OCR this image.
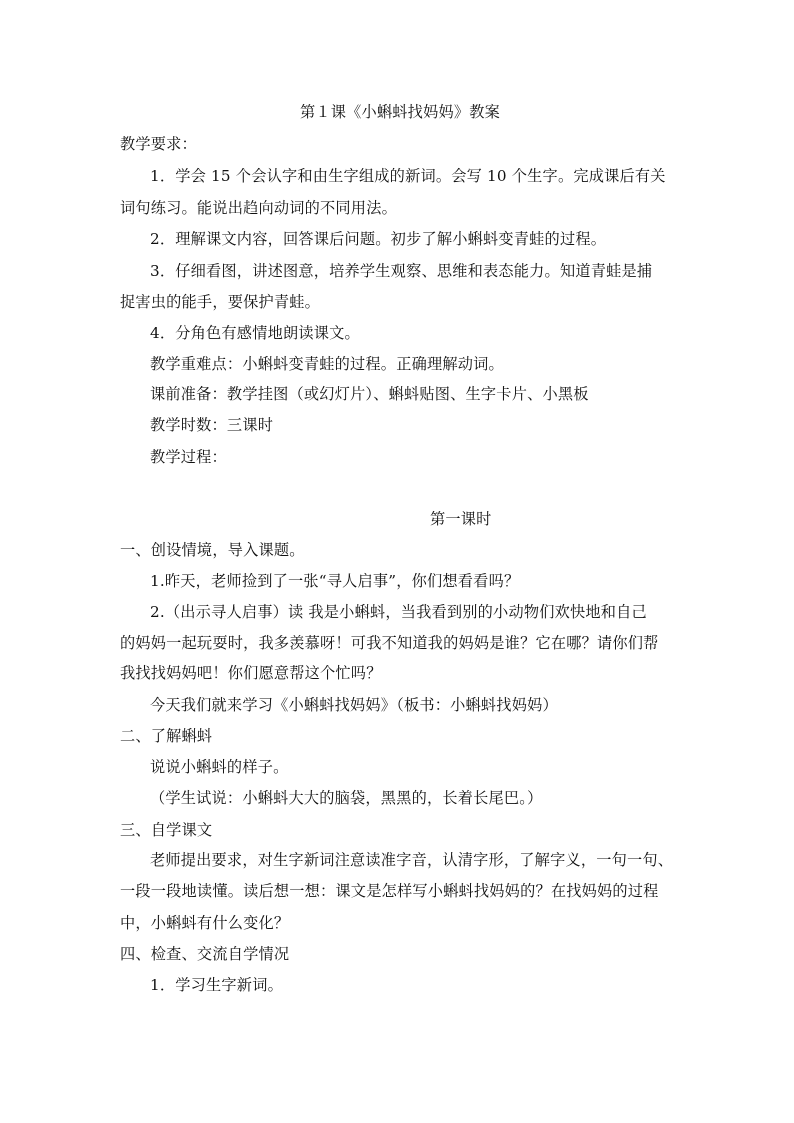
第１课《小蝌蚪找妈妈》教案
教学要求：
1．学会 15 个会认字和由生字组成的新词。会写 10 个生字。完成课后有关
词句练习。能说出趋向动词的不同用法。
2．理解课文内容，回答课后问题。初步了解小蝌蚪变青蛙的过程。
3．仔细看图，讲述图意，培养学生观察、思维和表态能力。知道青蛙是捕
捉害虫的能手，要保护青蛙。
4．分角色有感情地朗读课文。
教学重难点：小蝌蚪变青蛙的过程。正确理解动词。
课前准备：教学挂图（或幻灯片）、蝌蚪贴图、生字卡片、小黑板
教学时数：三课时
教学过程：
第一课时
一、创设情境，导入课题。
1.昨天，老师捡到了一张“寻人启事”，你们想看看吗？
2.（出示寻人启事）读 我是小蝌蚪，当我看到别的小动物们欢快地和自己
的妈妈一起玩耍时，我多羡慕呀！可我不知道我的妈妈是谁？它在哪？请你们帮
我找找妈妈吧！你们愿意帮这个忙吗？
今天我们就来学习《小蝌蚪找妈妈》（板书：小蝌蚪找妈妈）
二、了解蝌蚪
说说小蝌蚪的样子。
（学生试说：小蝌蚪大大的脑袋，黑黑的，长着长尾巴。）
三、自学课文
老师提出要求，对生字新词注意读准字音，认清字形，了解字义，一句一句、
一段一段地读懂。读后想一想：课文是怎样写小蝌蚪找妈妈的？在找妈妈的过程
中，小蝌蚪有什么变化？
四、检查、交流自学情况
1．学习生字新词。
